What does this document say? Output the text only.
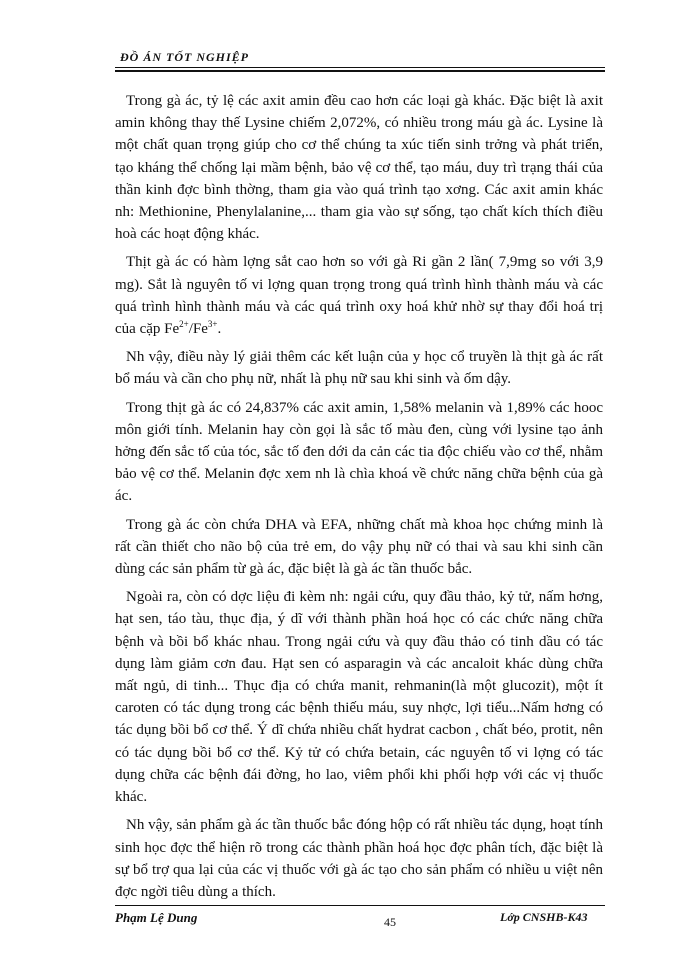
ĐỒ ÁN TỐT NGHIỆP

Trong gà ác, tỷ lệ các axit amin đều cao hơn các loại gà khác. Đặc biệt là axit amin không thay thế Lysine chiếm 2,072%, có nhiều trong máu gà ác. Lysine là một chất quan trọng giúp cho cơ thể chúng ta xúc tiến sinh trởng và phát triển, tạo kháng thể chống lại mầm bệnh, bảo vệ cơ thể, tạo máu, duy trì trạng thái của thần kinh đợc bình thờng, tham gia vào quá trình tạo xơng. Các axit amin khác nh: Methionine, Phenylalanine,... tham gia vào sự sống, tạo chất kích thích điều hoà các hoạt động khác.

Thịt gà ác có hàm lợng sắt cao hơn so với gà Ri gần 2 lần( 7,9mg so với 3,9 mg). Sắt là nguyên tố vi lợng quan trọng trong quá trình hình thành máu và các quá trình hình thành máu và các quá trình oxy hoá khử nhờ sự thay đổi hoá trị của cặp $Fe^{2+}/Fe^{3+}$.

Nh vậy, điều này lý giải thêm các kết luận của y học cổ truyền là thịt gà ác rất bổ máu và cần cho phụ nữ, nhất là phụ nữ sau khi sinh và ốm dậy.

Trong thịt gà ác có 24,837% các axit amin, 1,58% melanin và 1,89% các hooc môn giới tính. Melanin hay còn gọi là sắc tố màu đen, cùng với lysine tạo ảnh hởng đến sắc tố của tóc, sắc tố đen dới da cản các tia độc chiếu vào cơ thể, nhằm bảo vệ cơ thể. Melanin đợc xem nh là chìa khoá về chức năng chữa bệnh của gà ác.

Trong gà ác còn chứa DHA và EFA, những chất mà khoa học chứng minh là rất cần thiết cho não bộ của trẻ em, do vậy phụ nữ có thai và sau khi sinh cần dùng các sản phẩm từ gà ác, đặc biệt là gà ác tần thuốc bắc.

Ngoài ra, còn có dợc liệu đi kèm nh: ngải cứu, quy đầu thảo, kỷ tử, nấm hơng, hạt sen, táo tàu, thục địa, ý dĩ với thành phần hoá học có các chức năng chữa bệnh và bồi bổ khác nhau. Trong ngải cứu và quy đầu thảo có tinh dầu có tác dụng làm giảm cơn đau. Hạt sen có asparagin và các ancaloit khác dùng chữa mất ngủ, di tinh... Thục địa có chứa manit, rehmanin(là một glucozit), một ít caroten có tác dụng trong các bệnh thiếu máu, suy nhợc, lợi tiểu...Nấm hơng có tác dụng bồi bổ cơ thể. Ý dĩ chứa nhiều chất hydrat cacbon , chất béo, protit, nên có tác dụng bồi bổ cơ thể. Kỷ tử có chứa betain, các nguyên tố vi lợng có tác dụng chữa các bệnh đái đờng, ho lao, viêm phổi khi phối hợp với các vị thuốc khác.

Nh vậy, sản phẩm gà ác tần thuốc bắc đóng hộp có rất nhiều tác dụng, hoạt tính sinh học đợc thể hiện rõ trong các thành phần hoá học đợc phân tích, đặc biệt là sự bổ trợ qua lại của các vị thuốc với gà ác tạo cho sản phẩm có nhiều u việt nên đợc ngời tiêu dùng a thích.

Phạm Lệ Dung	45	Lớp CNSHB-K43
